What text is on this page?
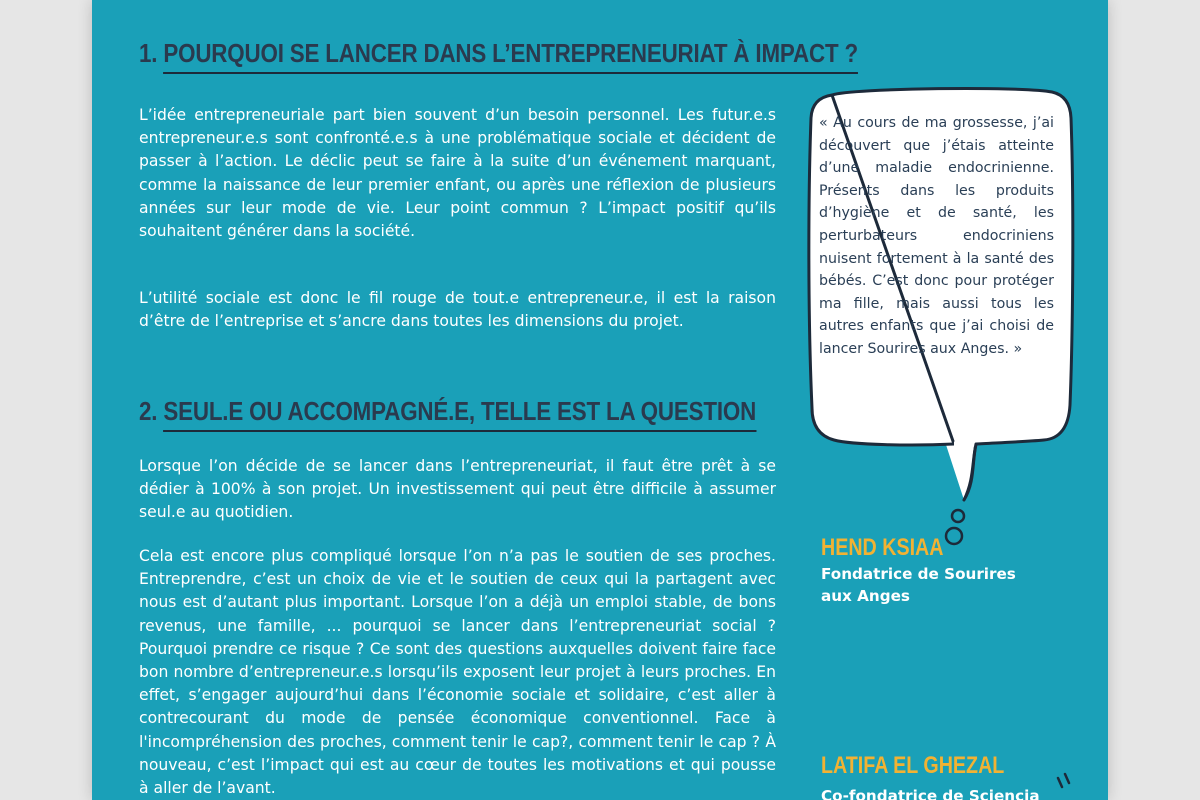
1. POURQUOI SE LANCER DANS L’ENTREPRENEURIAT À IMPACT ?

L’idée entrepreneuriale part bien souvent d’un besoin personnel. Les futur.e.s entrepreneur.e.s sont confronté.e.s à une problématique sociale et décident de passer à l’action. Le déclic peut se faire à la suite d’un événement marquant, comme la naissance de leur premier enfant, ou après une réflexion de plusieurs années sur leur mode de vie. Leur point commun ? L’impact positif qu’ils souhaitent générer dans la société.

L’utilité sociale est donc le fil rouge de tout.e entrepreneur.e, il est la raison d’être de l’entreprise et s’ancre dans toutes les dimensions du projet.

2. SEUL.E OU ACCOMPAGNÉ.E, TELLE EST LA QUESTION

Lorsque l’on décide de se lancer dans l’entrepreneuriat, il faut être prêt à se dédier à 100% à son projet. Un investissement qui peut être difficile à assumer seul.e au quotidien.

Cela est encore plus compliqué lorsque l’on n’a pas le soutien de ses proches. Entreprendre, c’est un choix de vie et le soutien de ceux qui la partagent avec nous est d’autant plus important. Lorsque l’on a déjà un emploi stable, de bons revenus, une famille, ... pourquoi se lancer dans l’entrepreneuriat social ? Pourquoi prendre ce risque ? Ce sont des questions auxquelles doivent faire face bon nombre d’entrepreneur.e.s lorsqu’ils exposent leur projet à leurs proches. En effet, s’engager aujourd’hui dans l’économie sociale et solidaire, c’est aller à contrecourant du mode de pensée économique conventionnel. Face à l'incompréhension des proches, comment tenir le cap?, comment tenir le cap ? À nouveau, c’est l’impact qui est au cœur de toutes les motivations et qui pousse à aller de l’avant.

« Au cours de ma grossesse, j’ai découvert que j’étais atteinte d’une maladie endocrinienne. Présents dans les produits d’hygiène et de santé, les perturbateurs endocriniens nuisent fortement à la santé des bébés. C’est donc pour protéger ma fille, mais aussi tous les autres enfants que j’ai choisi de lancer Sourires aux Anges. »

HEND KSIAA
Fondatrice de Sourires aux Anges
LATIFA EL GHEZAL
Co-fondatrice de Sciencia
